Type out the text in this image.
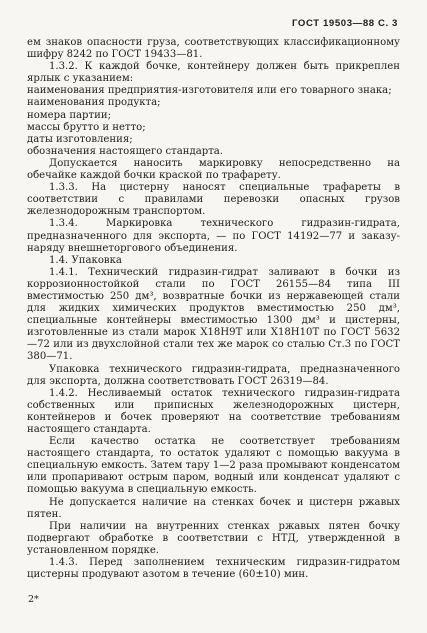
ГОСТ 19503—88 С. 3

ем знаков опасности груза, соответствующих классификационному шифру 8242 по ГОСТ 19433—81.

1.3.2. К каждой бочке, контейнеру должен быть прикреплен ярлык с указанием:

наименования предприятия-изготовителя или его товарного знака;

наименования продукта;

номера партии;

массы брутто и нетто;

даты изготовления;

обозначения настоящего стандарта.

Допускается наносить маркировку непосредственно на обечайке каждой бочки краской по трафарету.

1.3.3. На цистерну наносят специальные трафареты в соответствии с правилами перевозки опасных грузов железнодорожным транспортом.

1.3.4. Маркировка технического гидразин-гидрата, предназначенного для экспорта, — по ГОСТ 14192—77 и заказу-наряду внешнеторгового объединения.

1.4. Упаковка

1.4.1. Технический гидразин-гидрат заливают в бочки из коррозионностойкой стали по ГОСТ 26155—84 типа III вместимостью 250 дм³, возвратные бочки из нержавеющей стали для жидких химических продуктов вместимостью 250 дм³, специальные контейнеры вместимостью 1300 дм³ и цистерны, изготовленные из стали марок Х18Н9Т или Х18Н10Т по ГОСТ 5632—72 или из двухслойной стали тех же марок со сталью Ст.3 по ГОСТ 380—71.

Упаковка технического гидразин-гидрата, предназначенного для экспорта, должна соответствовать ГОСТ 26319—84.

1.4.2. Несливаемый остаток технического гидразин-гидрата собственных или приписных железнодорожных цистерн, контейнеров и бочек проверяют на соответствие требованиям настоящего стандарта.

Если качество остатка не соответствует требованиям настоящего стандарта, то остаток удаляют с помощью вакуума в специальную емкость. Затем тару 1—2 раза промывают конденсатом или пропаривают острым паром, водный или конденсат удаляют с помощью вакуума в специальную емкость.

Не допускается наличие на стенках бочек и цистерн ржавых пятен.

При наличии на внутренних стенках ржавых пятен бочку подвергают обработке в соответствии с НТД, утвержденной в установленном порядке.

1.4.3. Перед заполнением техническим гидразин-гидратом цистерны продувают азотом в течение (60±10) мин.

2*
